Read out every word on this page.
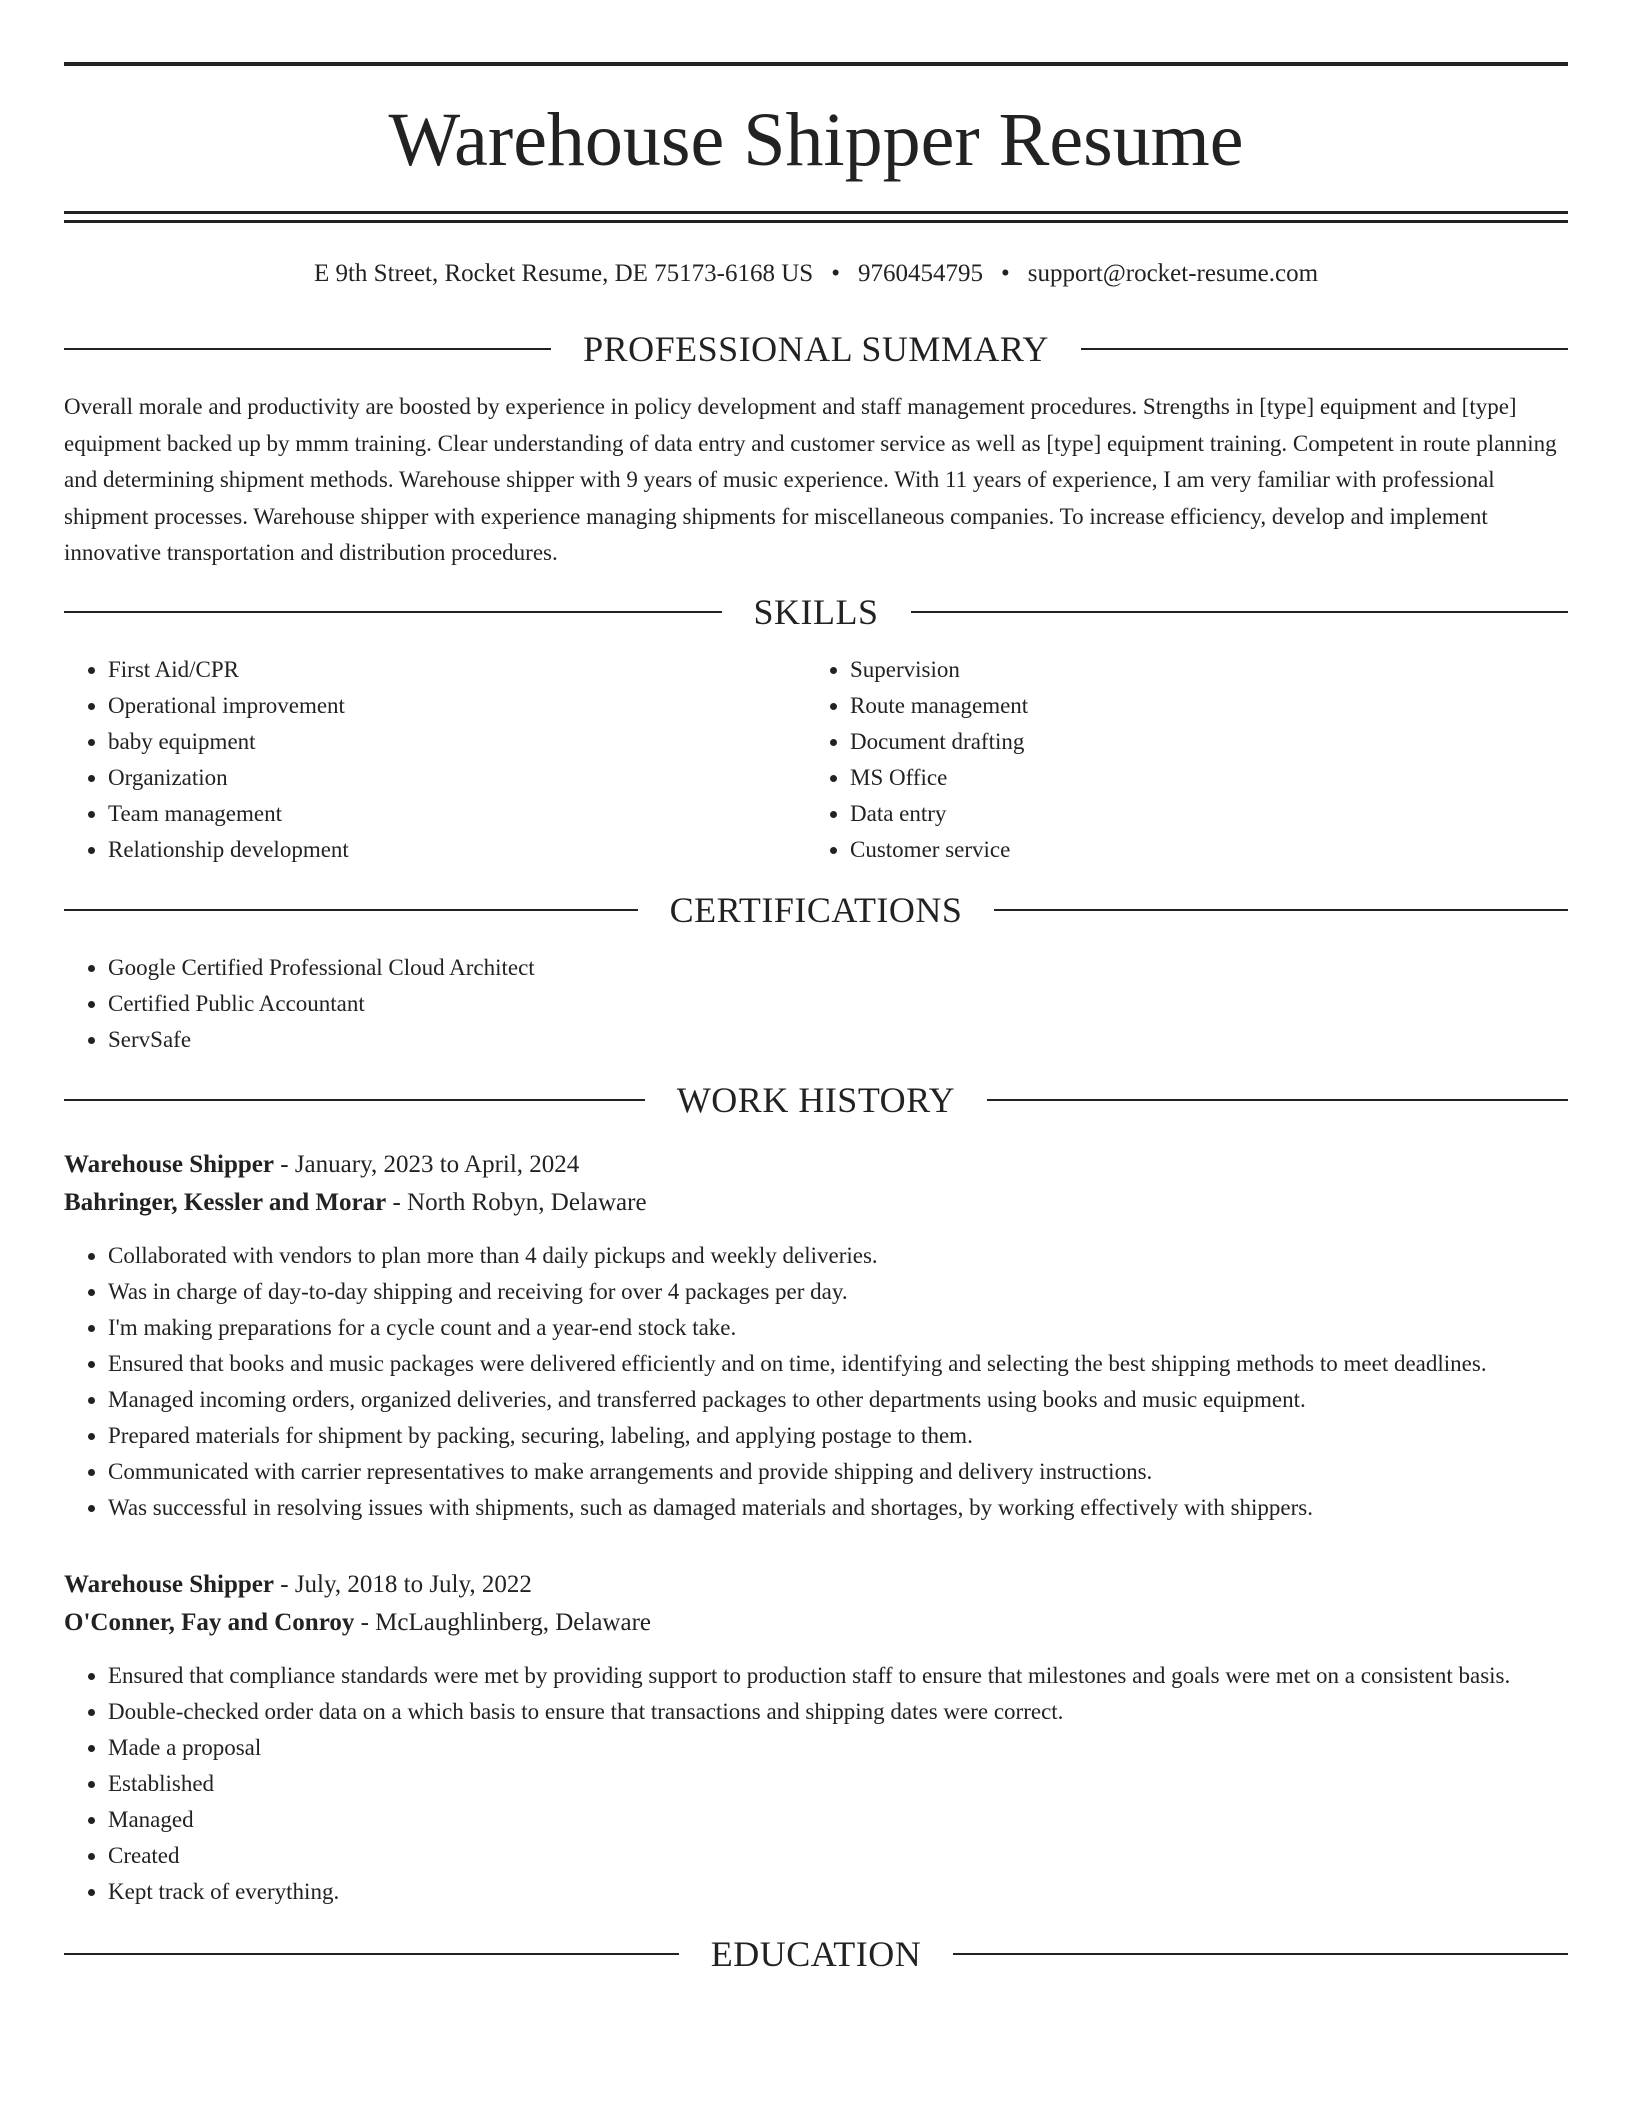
Warehouse Shipper Resume
E 9th Street, Rocket Resume, DE 75173-6168 US • 9760454795 • support@rocket-resume.com
PROFESSIONAL SUMMARY

Overall morale and productivity are boosted by experience in policy development and staff management procedures. Strengths in [type] equipment and [type] equipment backed up by mmm training. Clear understanding of data entry and customer service as well as [type] equipment training. Competent in route planning and determining shipment methods. Warehouse shipper with 9 years of music experience. With 11 years of experience, I am very familiar with professional shipment processes. Warehouse shipper with experience managing shipments for miscellaneous companies. To increase efficiency, develop and implement innovative transportation and distribution procedures.

SKILLS
• First Aid/CPR
• Operational improvement
• baby equipment
• Organization
• Team management
• Relationship development
• Supervision
• Route management
• Document drafting
• MS Office
• Data entry
• Customer service
CERTIFICATIONS
• Google Certified Professional Cloud Architect
• Certified Public Accountant
• ServSafe
WORK HISTORY
Warehouse Shipper - January, 2023 to April, 2024
Bahringer, Kessler and Morar - North Robyn, Delaware
• Collaborated with vendors to plan more than 4 daily pickups and weekly deliveries.
• Was in charge of day-to-day shipping and receiving for over 4 packages per day.
• I'm making preparations for a cycle count and a year-end stock take.
• Ensured that books and music packages were delivered efficiently and on time, identifying and selecting the best shipping methods to meet deadlines.
• Managed incoming orders, organized deliveries, and transferred packages to other departments using books and music equipment.
• Prepared materials for shipment by packing, securing, labeling, and applying postage to them.
• Communicated with carrier representatives to make arrangements and provide shipping and delivery instructions.
• Was successful in resolving issues with shipments, such as damaged materials and shortages, by working effectively with shippers.
Warehouse Shipper - July, 2018 to July, 2022
O'Conner, Fay and Conroy - McLaughlinberg, Delaware
• Ensured that compliance standards were met by providing support to production staff to ensure that milestones and goals were met on a consistent basis.
• Double-checked order data on a which basis to ensure that transactions and shipping dates were correct.
• Made a proposal
• Established
• Managed
• Created
• Kept track of everything.
EDUCATION
